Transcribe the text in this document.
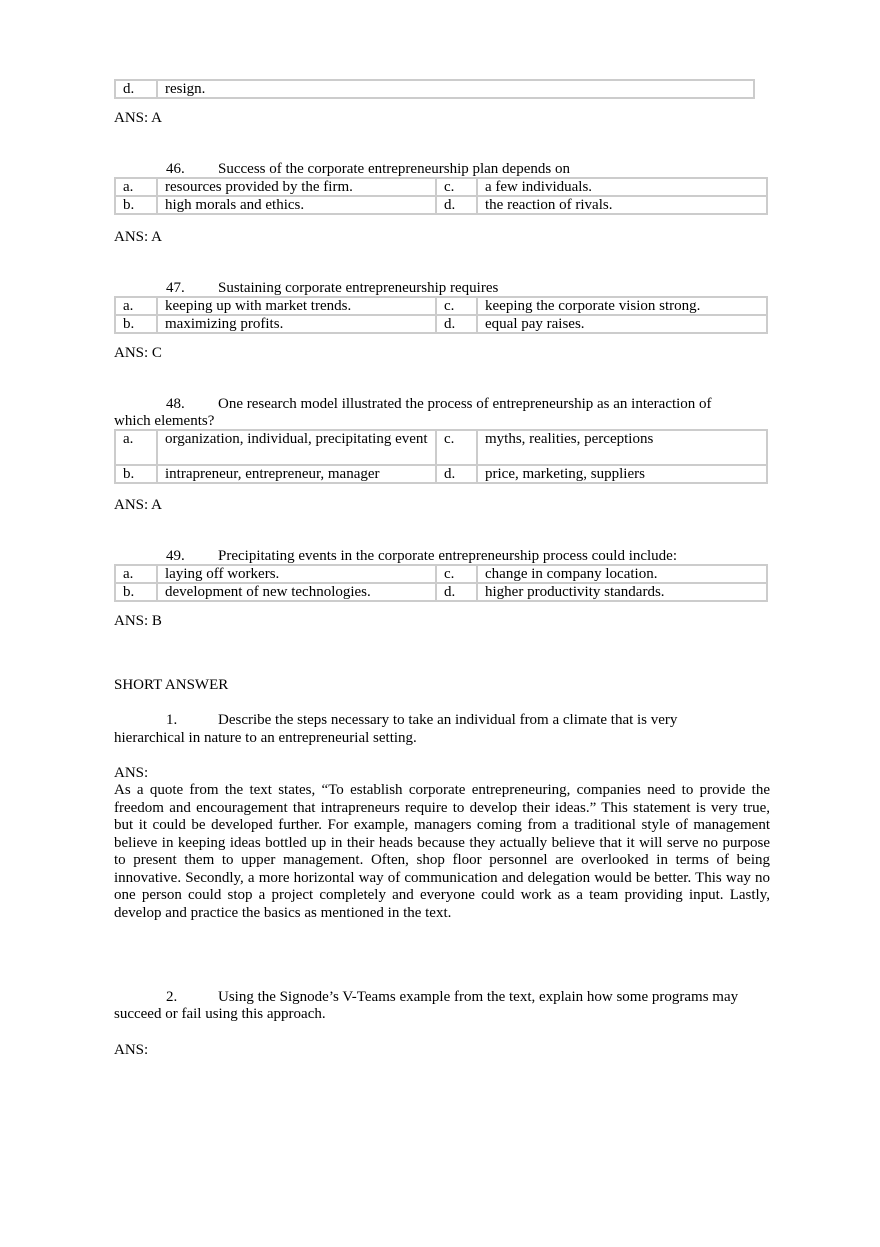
d.	resign.
ANS: A
46. Success of the corporate entrepreneurship plan depends on
a.	resources provided by the firm.	c.	a few individuals.
b.	high morals and ethics.	d.	the reaction of rivals.
ANS: A
47. Sustaining corporate entrepreneurship requires
a.	keeping up with market trends.	c.	keeping the corporate vision strong.
b.	maximizing profits.	d.	equal pay raises.
ANS: C
48. One research model illustrated the process of entrepreneurship as an interaction of
which elements?
a.	organization, individual, precipitating event	c.	myths, realities, perceptions
b.	intrapreneur, entrepreneur, manager	d.	price, marketing, suppliers
ANS: A
49. Precipitating events in the corporate entrepreneurship process could include:
a.	laying off workers.	c.	change in company location.
b.	development of new technologies.	d.	higher productivity standards.
ANS: B
SHORT ANSWER
1.	Describe the steps necessary to take an individual from a climate that is very
hierarchical in nature to an entrepreneurial setting.
ANS:
As a quote from the text states, “To establish corporate entrepreneuring, companies need to provide the freedom and encouragement that intrapreneurs require to develop their ideas.” This statement is very true, but it could be developed further. For example, managers coming from a traditional style of management believe in keeping ideas bottled up in their heads because they actually believe that it will serve no purpose to present them to upper management. Often, shop floor personnel are overlooked in terms of being innovative. Secondly, a more horizontal way of communication and delegation would be better. This way no one person could stop a project completely and everyone could work as a team providing input. Lastly, develop and practice the basics as mentioned in the text.
2.	Using the Signode’s V-Teams example from the text, explain how some programs may
succeed or fail using this approach.
ANS:
